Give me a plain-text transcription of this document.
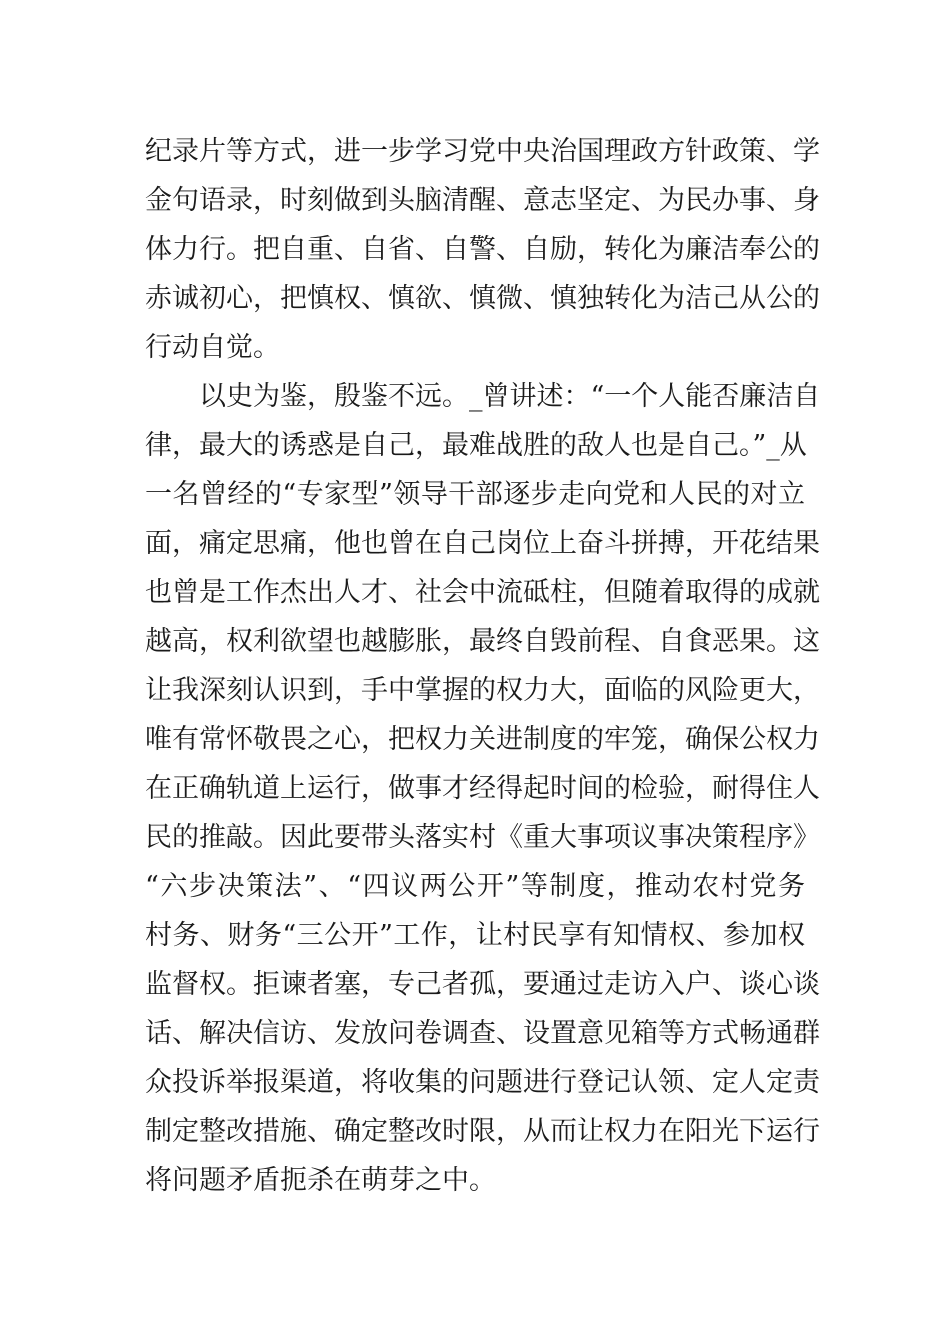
纪录片等方式，进一步学习党中央治国理政方针政策、学
金句语录，时刻做到头脑清醒、意志坚定、为民办事、身
体力行。把自重、自省、自警、自励，转化为廉洁奉公的
赤诚初心，把慎权、慎欲、慎微、慎独转化为洁己从公的
行动自觉。
以史为鉴，殷鉴不远。_曾讲述：“一个人能否廉洁自
律，最大的诱惑是自己，最难战胜的敌人也是自己。”_从
一名曾经的“专家型”领导干部逐步走向党和人民的对立
面，痛定思痛，他也曾在自己岗位上奋斗拼搏，开花结果
也曾是工作杰出人才、社会中流砥柱，但随着取得的成就
越高，权利欲望也越膨胀，最终自毁前程、自食恶果。这
让我深刻认识到，手中掌握的权力大，面临的风险更大，
唯有常怀敬畏之心，把权力关进制度的牢笼，确保公权力
在正确轨道上运行，做事才经得起时间的检验，耐得住人
民的推敲。因此要带头落实村《重大事项议事决策程序》
“六步决策法”、“四议两公开”等制度，推动农村党务
村务、财务“三公开”工作，让村民享有知情权、参加权
监督权。拒谏者塞，专己者孤，要通过走访入户、谈心谈
话、解决信访、发放问卷调查、设置意见箱等方式畅通群
众投诉举报渠道，将收集的问题进行登记认领、定人定责
制定整改措施、确定整改时限，从而让权力在阳光下运行
将问题矛盾扼杀在萌芽之中。
